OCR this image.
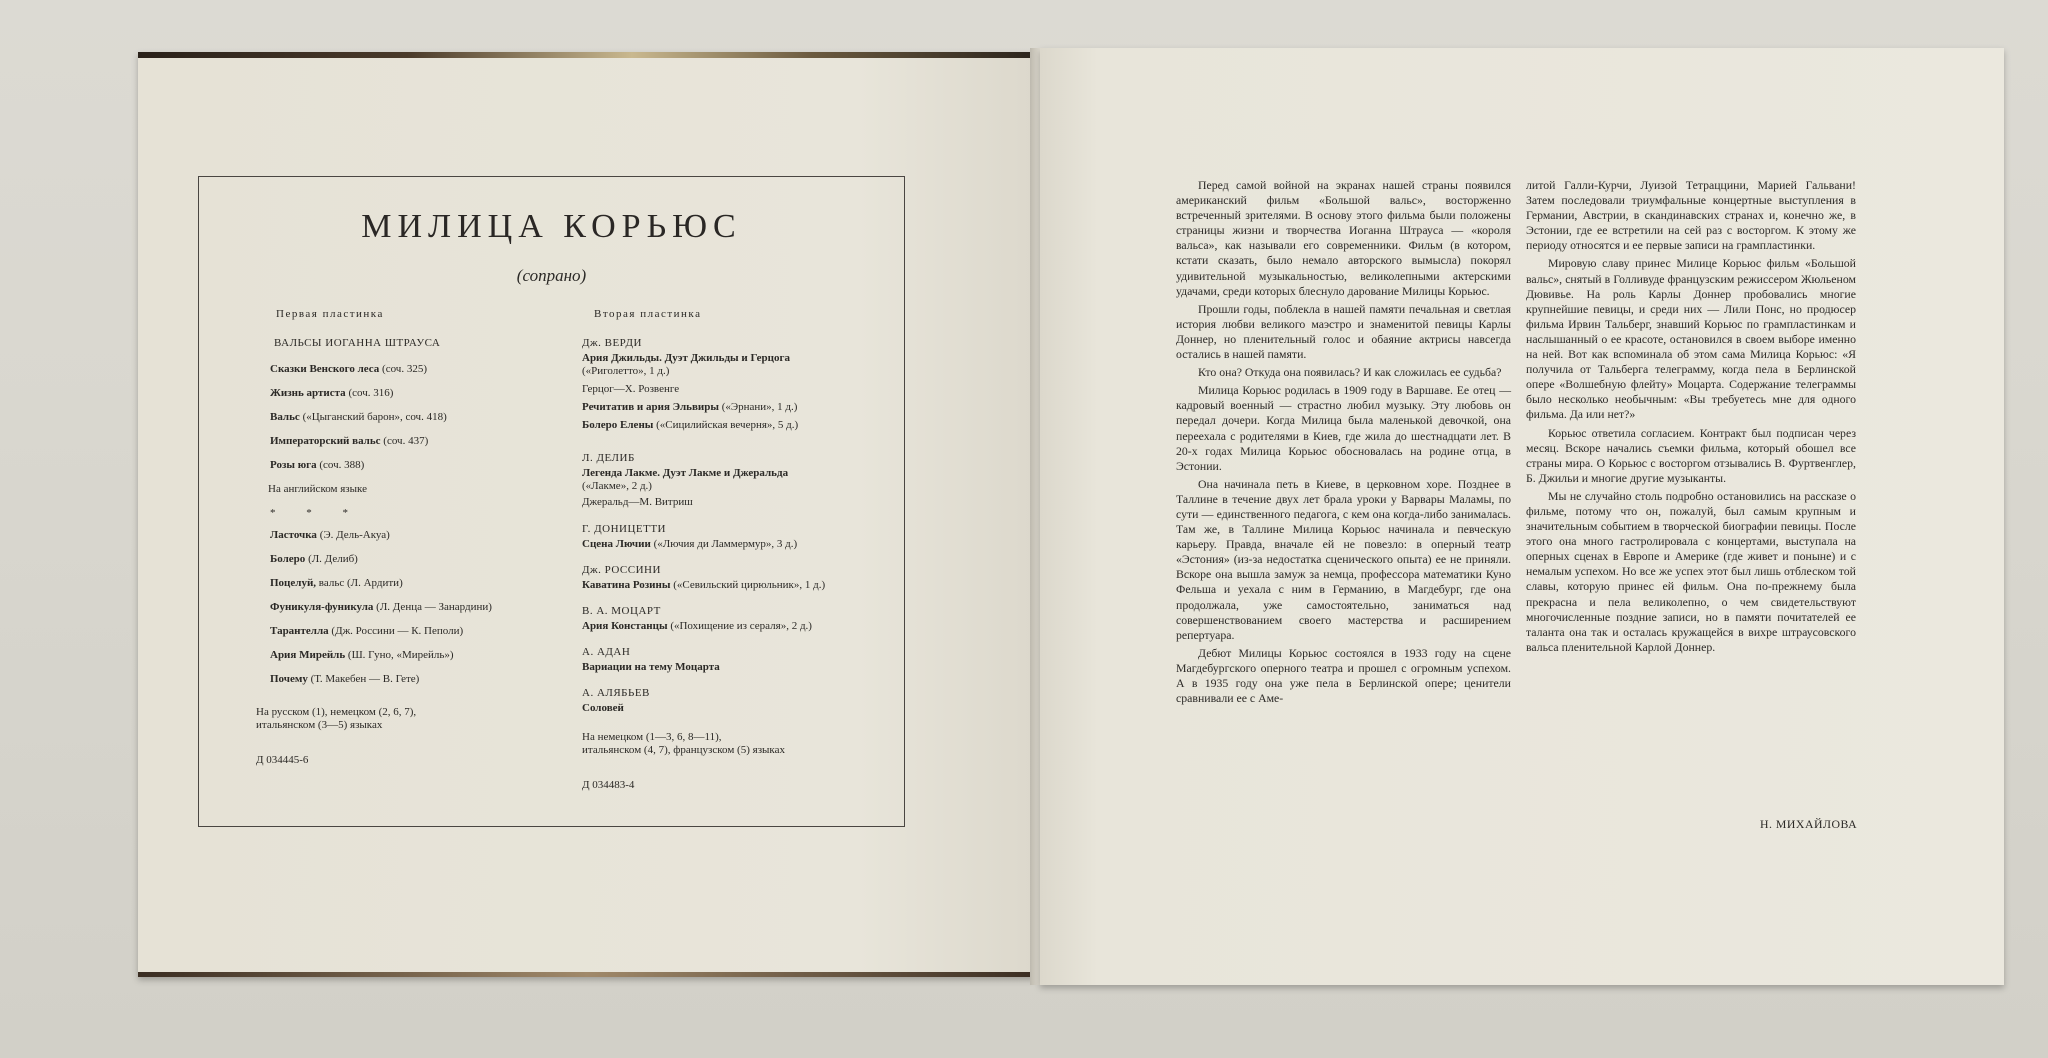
МИЛИЦА КОРЬЮС
(сопрано)
Первая пластинка
ВАЛЬСЫ ИОГАННА ШТРАУСА
Сказки Венского леса (соч. 325)
Жизнь артиста (соч. 316)
Вальс («Цыганский барон», соч. 418)
Императорский вальс (соч. 437)
Розы юга (соч. 388)
На английском языке
* * *
Ласточка (Э. Дель-Акуа)
Болеро (Л. Делиб)
Поцелуй, вальс (Л. Ардити)
Фуникуля-фуникула (Л. Денца — Занардини)
Тарантелла (Дж. Россини — К. Пеполи)
Ария Мирейль (Ш. Гуно, «Мирейль»)
Почему (Т. Макебен — В. Гете)
На русском (1), немецком (2, 6, 7),
итальянском (3—5) языках
Д 034445-6
Вторая пластинка
Дж. ВЕРДИ
Ария Джильды. Дуэт Джильды и Герцога
(«Риголетто», 1 д.)
Герцог—Х. Розвенге
Речитатив и ария Эльвиры («Эрнани», 1 д.)
Болеро Елены («Сицилийская вечерня», 5 д.)
Л. ДЕЛИБ
Легенда Лакме. Дуэт Лакме и Джеральда
(«Лакме», 2 д.)
Джеральд—М. Витриш
Г. ДОНИЦЕТТИ
Сцена Лючии («Лючия ди Ламмермур», 3 д.)
Дж. РОССИНИ
Каватина Розины («Севильский цирюльник», 1 д.)
В. А. МОЦАРТ
Ария Констанцы («Похищение из сераля», 2 д.)
А. АДАН
Вариации на тему Моцарта
А. АЛЯБЬЕВ
Соловей
На немецком (1—3, 6, 8—11),
итальянском (4, 7), французском (5) языках
Д 034483-4

Перед самой войной на экранах нашей страны появился американский фильм «Большой вальс», восторженно встреченный зрителями. В основу этого фильма были положены страницы жизни и творчества Иоганна Штрауса — «короля вальса», как называли его современники. Фильм (в котором, кстати сказать, было немало авторского вымысла) покорял удивительной музыкальностью, великолепными актерскими удачами, среди которых блеснуло дарование Милицы Корьюс.

Прошли годы, поблекла в нашей памяти печальная и светлая история любви великого маэстро и знаменитой певицы Карлы Доннер, но пленительный голос и обаяние актрисы навсегда остались в нашей памяти.

Кто она? Откуда она появилась? И как сложилась ее судьба?

Милица Корьюс родилась в 1909 году в Варшаве. Ее отец — кадровый военный — страстно любил музыку. Эту любовь он передал дочери. Когда Милица была маленькой девочкой, она переехала с родителями в Киев, где жила до шестнадцати лет. В 20-х годах Милица Корьюс обосновалась на родине отца, в Эстонии.

Она начинала петь в Киеве, в церковном хоре. Позднее в Таллине в течение двух лет брала уроки у Варвары Маламы, по сути — единственного педагога, с кем она когда-либо занималась. Там же, в Таллине Милица Корьюс начинала и певческую карьеру. Правда, вначале ей не повезло: в оперный театр «Эстония» (из-за недостатка сценического опыта) ее не приняли. Вскоре она вышла замуж за немца, профессора математики Куно Фельша и уехала с ним в Германию, в Магдебург, где она продолжала, уже самостоятельно, заниматься над совершенствованием своего мастерства и расширением репертуара.

Дебют Милицы Корьюс состоялся в 1933 году на сцене Магдебургского оперного театра и прошел с огромным успехом. А в 1935 году она уже пела в Берлинской опере; ценители сравнивали ее с Аме-

литой Галли-Курчи, Луизой Тетраццини, Марией Гальвани! Затем последовали триумфальные концертные выступления в Германии, Австрии, в скандинавских странах и, конечно же, в Эстонии, где ее встретили на сей раз с восторгом. К этому же периоду относятся и ее первые записи на грампластинки.

Мировую славу принес Милице Корьюс фильм «Большой вальс», снятый в Голливуде французским режиссером Жюльеном Дювивье. На роль Карлы Доннер пробовались многие крупнейшие певицы, и среди них — Лили Понс, но продюсер фильма Ирвин Тальберг, знавший Корьюс по грампластинкам и наслышанный о ее красоте, остановился в своем выборе именно на ней. Вот как вспоминала об этом сама Милица Корьюс: «Я получила от Тальберга телеграмму, когда пела в Берлинской опере «Волшебную флейту» Моцарта. Содержание телеграммы было несколько необычным: «Вы требуетесь мне для одного фильма. Да или нет?»

Корьюс ответила согласием. Контракт был подписан через месяц. Вскоре начались съемки фильма, который обошел все страны мира. О Корьюс с восторгом отзывались В. Фуртвенглер, Б. Джильи и многие другие музыканты.

Мы не случайно столь подробно остановились на рассказе о фильме, потому что он, пожалуй, был самым крупным и значительным событием в творческой биографии певицы. После этого она много гастролировала с концертами, выступала на оперных сценах в Европе и Америке (где живет и поныне) и с немалым успехом. Но все же успех этот был лишь отблеском той славы, которую принес ей фильм. Она по-прежнему была прекрасна и пела великолепно, о чем свидетельствуют многочисленные поздние записи, но в памяти почитателей ее таланта она так и осталась кружащейся в вихре штраусовского вальса пленительной Карлой Доннер.

Н. МИХАЙЛОВА
